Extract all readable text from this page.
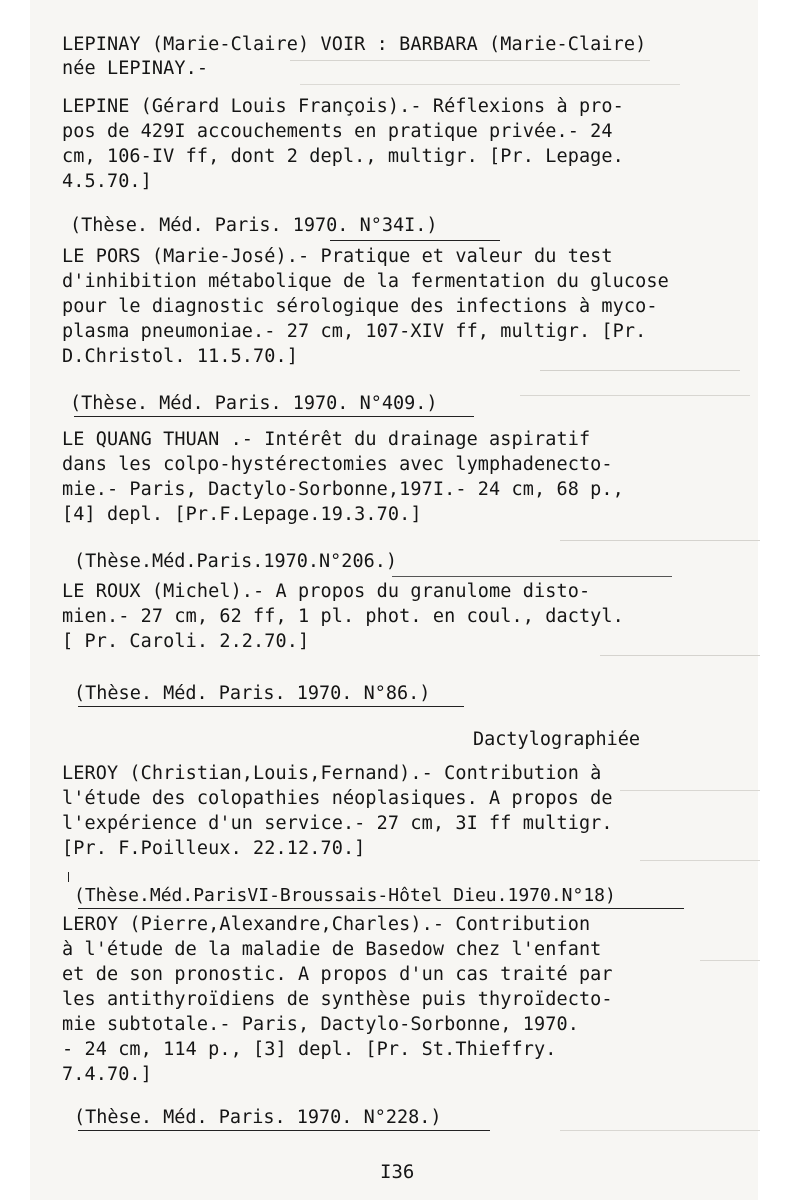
LEPINAY (Marie-Claire) VOIR : BARBARA (Marie-Claire)
née LEPINAY.-
LEPINE (Gérard Louis François).- Réflexions à pro-
pos de 429I accouchements en pratique privée.- 24
cm, 106-IV ff, dont 2 depl., multigr. [Pr. Lepage.
4.5.70.]
(Thèse. Méd. Paris. 1970. N°34I.)
LE PORS (Marie-José).- Pratique et valeur du test
d'inhibition métabolique de la fermentation du glucose
pour le diagnostic sérologique des infections à myco-
plasma pneumoniae.- 27 cm, 107-XIV ff, multigr. [Pr.
D.Christol. 11.5.70.]
(Thèse. Méd. Paris. 1970. N°409.)
LE QUANG THUAN .- Intérêt du drainage aspiratif
dans les colpo-hystérectomies avec lymphadenecto-
mie.- Paris, Dactylo-Sorbonne,197I.- 24 cm, 68 p.,
[4] depl. [Pr.F.Lepage.19.3.70.]
(Thèse.Méd.Paris.1970.N°206.)
LE ROUX (Michel).- A propos du granulome disto-
mien.- 27 cm, 62 ff, 1 pl. phot. en coul., dactyl.
[ Pr. Caroli. 2.2.70.]
(Thèse. Méd. Paris. 1970. N°86.)
Dactylographiée
LEROY (Christian,Louis,Fernand).- Contribution à
l'étude des colopathies néoplasiques. A propos de
l'expérience d'un service.- 27 cm, 3I ff multigr.
[Pr. F.Poilleux. 22.12.70.]
(Thèse.Méd.ParisVI-Broussais-Hôtel Dieu.1970.N°18)
LEROY (Pierre,Alexandre,Charles).- Contribution
à l'étude de la maladie de Basedow chez l'enfant
et de son pronostic. A propos d'un cas traité par
les antithyroïdiens de synthèse puis thyroïdecto-
mie subtotale.- Paris, Dactylo-Sorbonne, 1970.
- 24 cm, 114 p., [3] depl. [Pr. St.Thieffry.
7.4.70.]
(Thèse. Méd. Paris. 1970. N°228.)
I36
